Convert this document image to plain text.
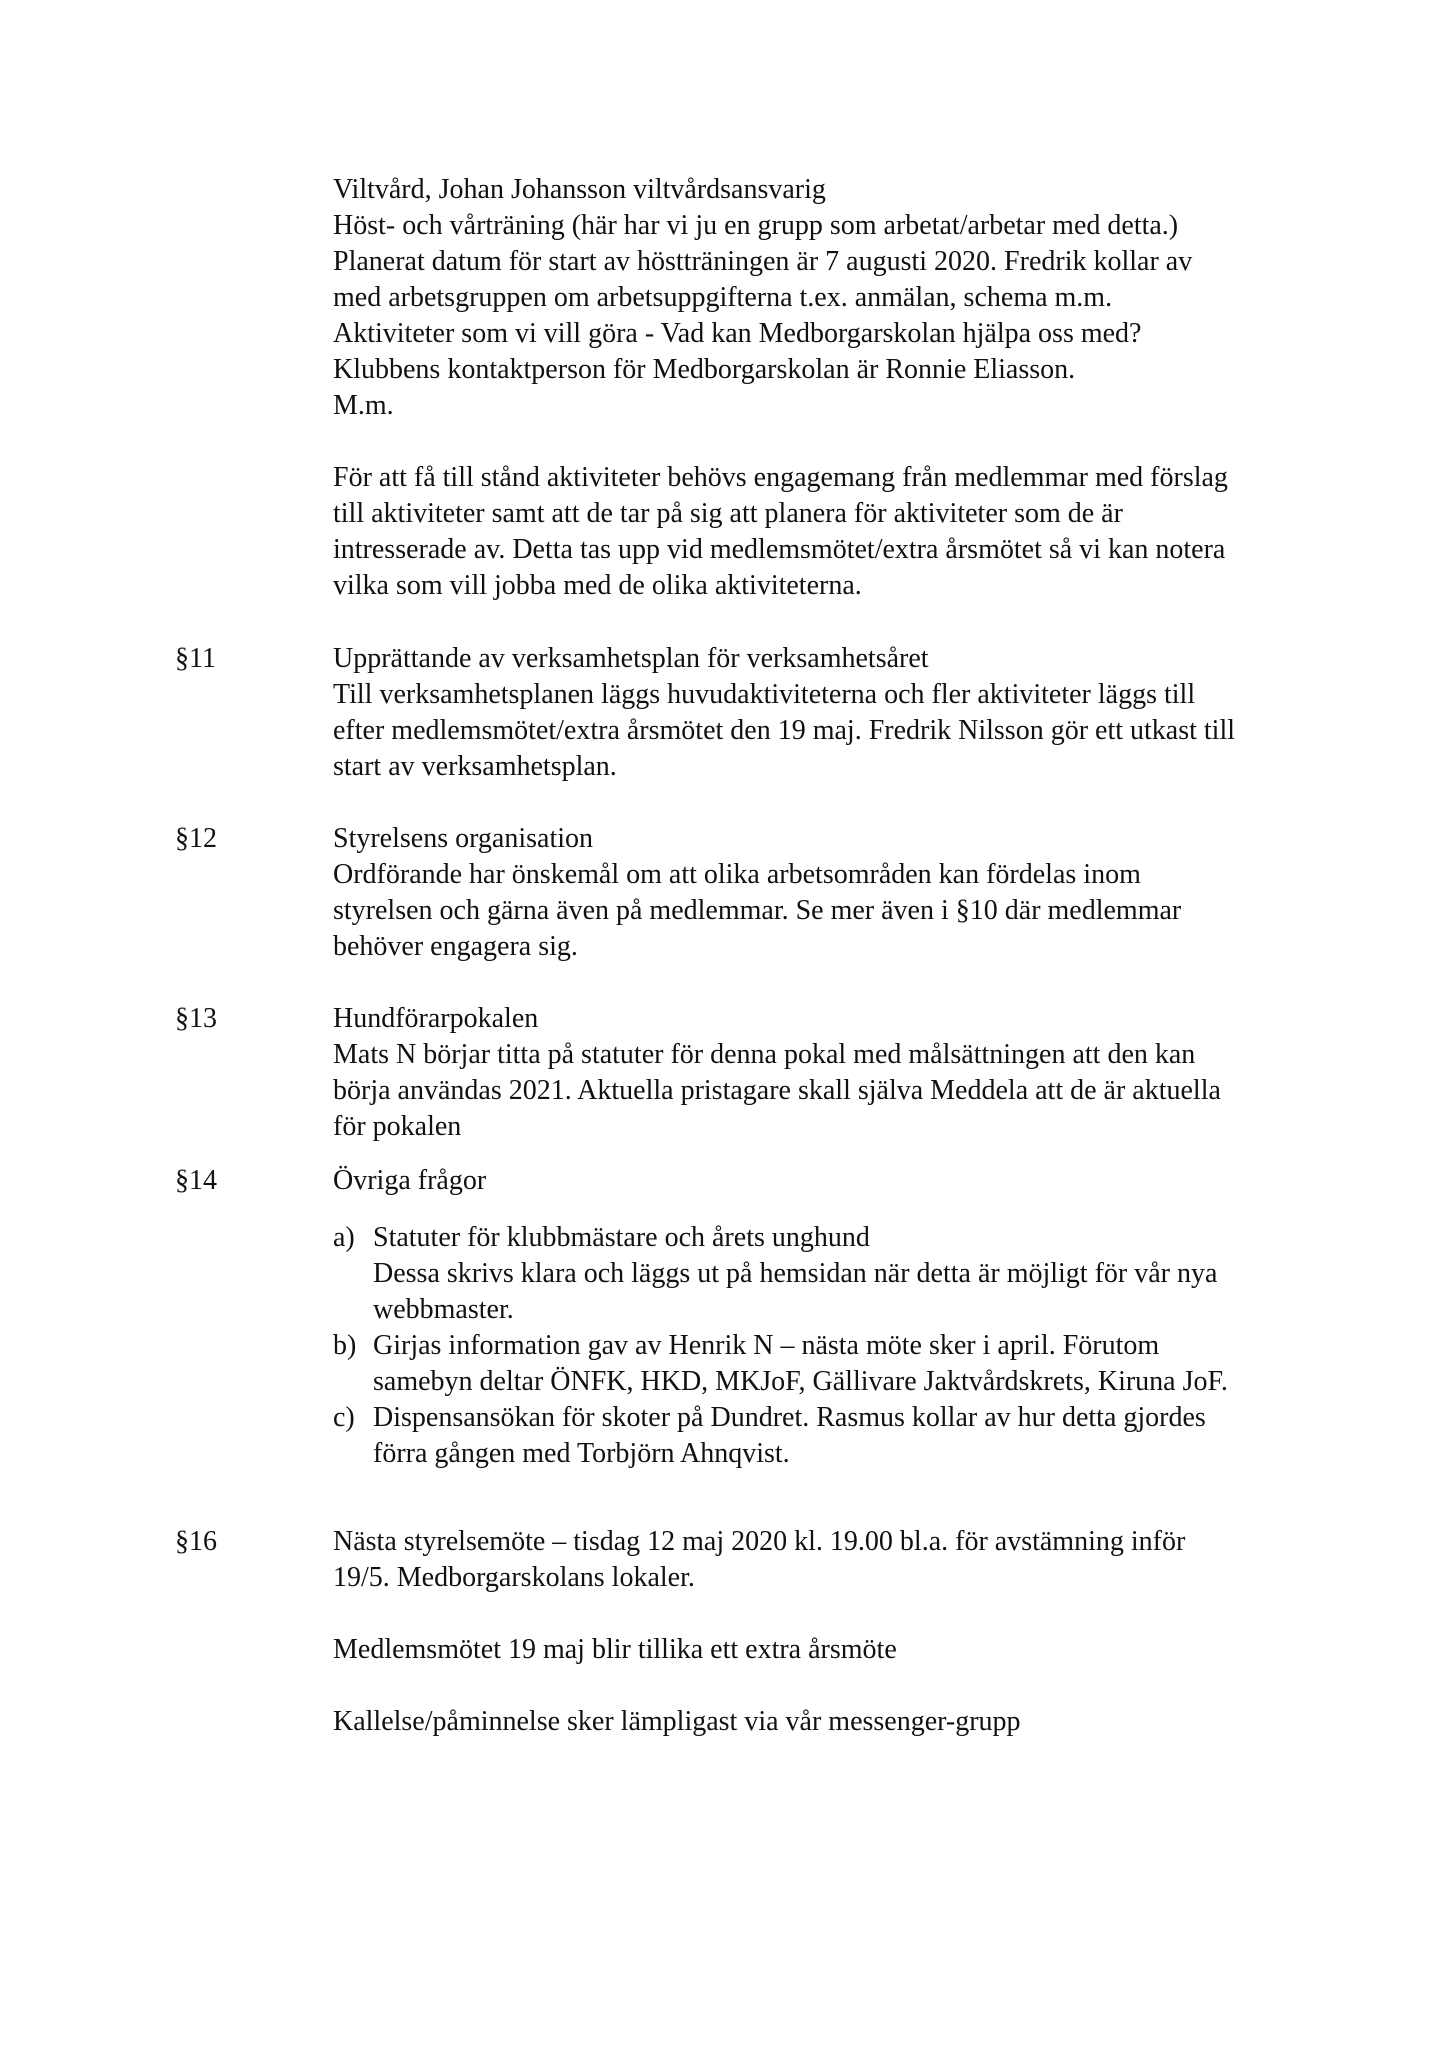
Viltvård, Johan Johansson viltvårdsansvarig
Höst- och vårträning (här har vi ju en grupp som arbetat/arbetar med detta.)
Planerat datum för start av höstträningen är 7 augusti 2020. Fredrik kollar av
med arbetsgruppen om arbetsuppgifterna t.ex. anmälan, schema m.m.
Aktiviteter som vi vill göra - Vad kan Medborgarskolan hjälpa oss med?
Klubbens kontaktperson för Medborgarskolan är Ronnie Eliasson.
M.m.
För att få till stånd aktiviteter behövs engagemang från medlemmar med förslag
till aktiviteter samt att de tar på sig att planera för aktiviteter som de är
intresserade av. Detta tas upp vid medlemsmötet/extra årsmötet så vi kan notera
vilka som vill jobba med de olika aktiviteterna.
§11	Upprättande av verksamhetsplan för verksamhetsåret
Till verksamhetsplanen läggs huvudaktiviteterna och fler aktiviteter läggs till
efter medlemsmötet/extra årsmötet den 19 maj. Fredrik Nilsson gör ett utkast till
start av verksamhetsplan.
§12	Styrelsens organisation
Ordförande har önskemål om att olika arbetsområden kan fördelas inom
styrelsen och gärna även på medlemmar. Se mer även i §10 där medlemmar
behöver engagera sig.
§13	Hundförarpokalen
Mats N börjar titta på statuter för denna pokal med målsättningen att den kan
börja användas 2021. Aktuella pristagare skall själva Meddela att de är aktuella
för pokalen
§14	Övriga frågor
a) Statuter för klubbmästare och årets unghund
Dessa skrivs klara och läggs ut på hemsidan när detta är möjligt för vår nya
webbmaster.
b) Girjas information gav av Henrik N – nästa möte sker i april. Förutom
samebyn deltar ÖNFK, HKD, MKJoF, Gällivare Jaktvårdskrets, Kiruna JoF.
c) Dispensansökan för skoter på Dundret. Rasmus kollar av hur detta gjordes
förra gången med Torbjörn Ahnqvist.
§16	Nästa styrelsemöte – tisdag 12 maj 2020 kl. 19.00 bl.a. för avstämning inför
19/5. Medborgarskolans lokaler.
Medlemsmötet 19 maj blir tillika ett extra årsmöte
Kallelse/påminnelse sker lämpligast via vår messenger-grupp
